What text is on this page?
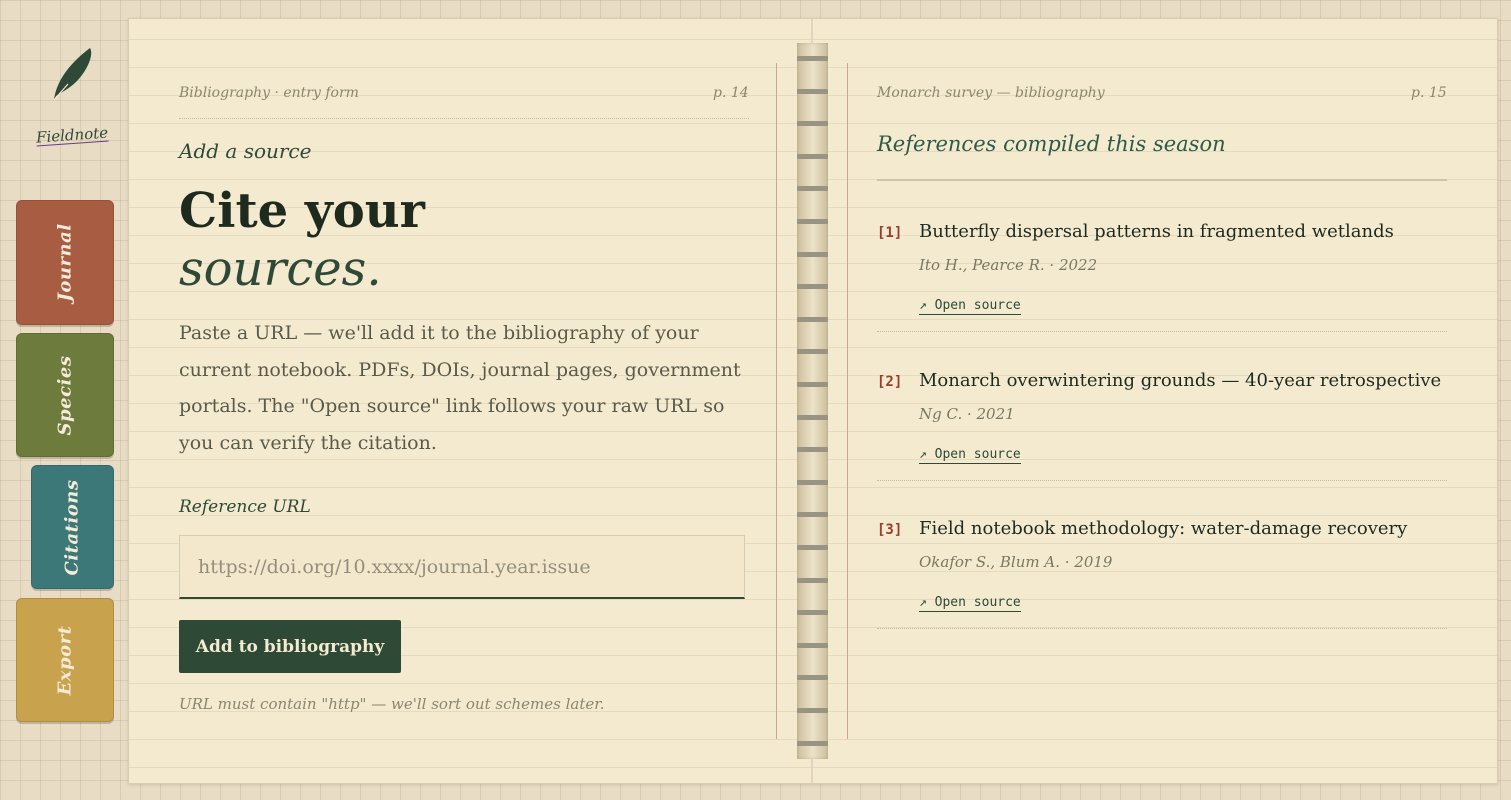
Fieldnote
Journal
Species
Citations
Export
Bibliography · entry form	p. 14
Add a source
Cite your
sources.
Paste a URL — we'll add it to the bibliography of your current notebook. PDFs, DOIs, journal pages, government portals. The "Open source" link follows your raw URL so you can verify the citation.
Reference URL
https://doi.org/10.xxxx/journal.year.issue
Add to bibliography
URL must contain "http" — we'll sort out schemes later.
Monarch survey — bibliography	p. 15
References compiled this season
[1] Butterfly dispersal patterns in fragmented wetlands
Ito H., Pearce R. · 2022
↗ Open source
[2] Monarch overwintering grounds — 40-year retrospective
Ng C. · 2021
↗ Open source
[3] Field notebook methodology: water-damage recovery
Okafor S., Blum A. · 2019
↗ Open source
